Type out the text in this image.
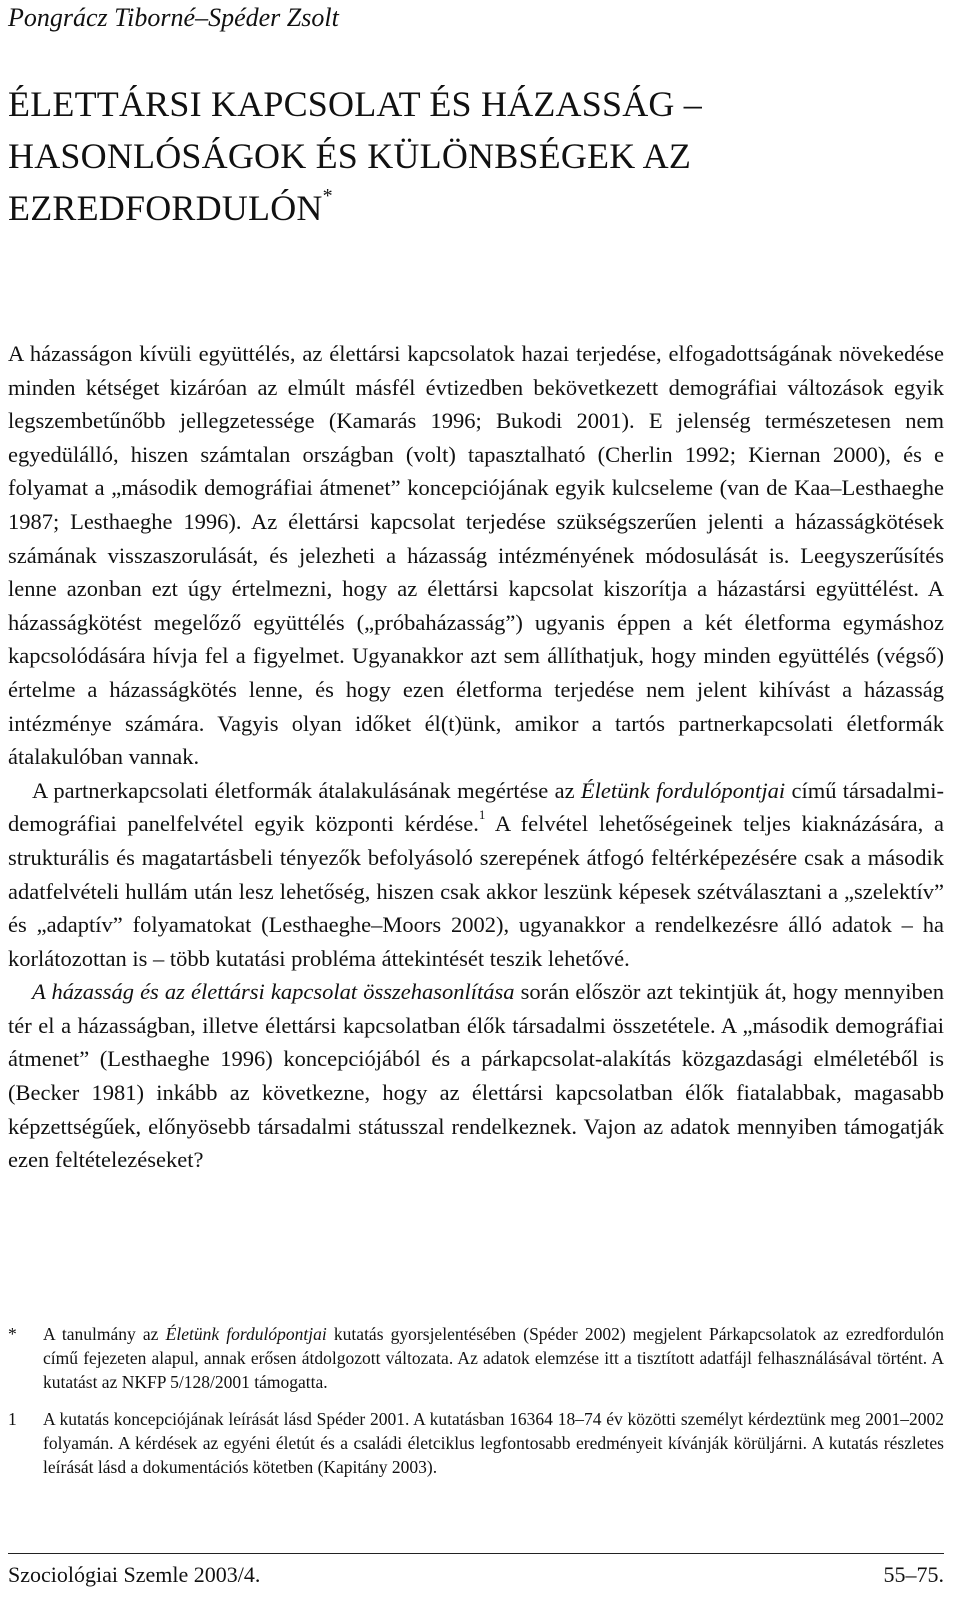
Pongrácz Tiborné–Spéder Zsolt
ÉLETTÁRSI KAPCSOLAT ÉS HÁZASSÁG –
HASONLÓSÁGOK ÉS KÜLÖNBSÉGEK AZ
EZREDFORDULÓN*

A házasságon kívüli együttélés, az élettársi kapcsolatok hazai terjedése, elfogadottságának növekedése minden kétséget kizáróan az elmúlt másfél évtizedben bekövetkezett demográfiai változások egyik legszembetűnőbb jellegzetessége (Kamarás 1996; Bukodi 2001). E jelenség természetesen nem egyedülálló, hiszen számtalan országban (volt) tapasztalható (Cherlin 1992; Kiernan 2000), és e folyamat a „második demográfiai átmenet” koncepciójának egyik kulcseleme (van de Kaa–Lesthaeghe 1987; Lesthaeghe 1996). Az élettársi kapcsolat terjedése szükségszerűen jelenti a házasságkötések számának visszaszorulását, és jelezheti a házasság intézményének módosulását is. Leegyszerűsítés lenne azonban ezt úgy értelmezni, hogy az élettársi kapcsolat kiszorítja a házastársi együttélést. A házasságkötést megelőző együttélés („próbaházasság”) ugyanis éppen a két életforma egymáshoz kapcsolódására hívja fel a figyelmet. Ugyanakkor azt sem állíthatjuk, hogy minden együttélés (végső) értelme a házasságkötés lenne, és hogy ezen életforma terjedése nem jelent kihívást a házasság intézménye számára. Vagyis olyan időket él(t)ünk, amikor a tartós partnerkapcsolati életformák átalakulóban vannak.

A partnerkapcsolati életformák átalakulásának megértése az Életünk fordulópontjai című társadalmi-demográfiai panelfelvétel egyik központi kérdése.$^1$ A felvétel lehetőségeinek teljes kiaknázására, a strukturális és magatartásbeli tényezők befolyásoló szerepének átfogó feltérképezésére csak a második adatfelvételi hullám után lesz lehetőség, hiszen csak akkor leszünk képesek szétválasztani a „szelektív” és „adaptív” folyamatokat (Lesthaeghe–Moors 2002), ugyanakkor a rendelkezésre álló adatok – ha korlátozottan is – több kutatási probléma áttekintését teszik lehetővé.

A házasság és az élettársi kapcsolat összehasonlítása során először azt tekintjük át, hogy mennyiben tér el a házasságban, illetve élettársi kapcsolatban élők társadalmi összetétele. A „második demográfiai átmenet” (Lesthaeghe 1996) koncepciójából és a párkapcsolat-alakítás közgazdasági elméletéből is (Becker 1981) inkább az következne, hogy az élettársi kapcsolatban élők fiatalabbak, magasabb képzettségűek, előnyösebb társadalmi státusszal rendelkeznek. Vajon az adatok mennyiben támogatják ezen feltételezéseket?

*	A tanulmány az Életünk fordulópontjai kutatás gyorsjelentésében (Spéder 2002) megjelent Párkapcsolatok az ezredfordulón című fejezeten alapul, annak erősen átdolgozott változata. Az adatok elemzése itt a tisztított adatfájl felhasználásával történt. A kutatást az NKFP 5/128/2001 támogatta.
1	A kutatás koncepciójának leírását lásd Spéder 2001. A kutatásban 16364 18–74 év közötti személyt kérdeztünk meg 2001–2002 folyamán. A kérdések az egyéni életút és a családi életciklus legfontosabb eredményeit kívánják körüljárni. A kutatás részletes leírását lásd a dokumentációs kötetben (Kapitány 2003).
Szociológiai Szemle 2003/4.	55–75.
